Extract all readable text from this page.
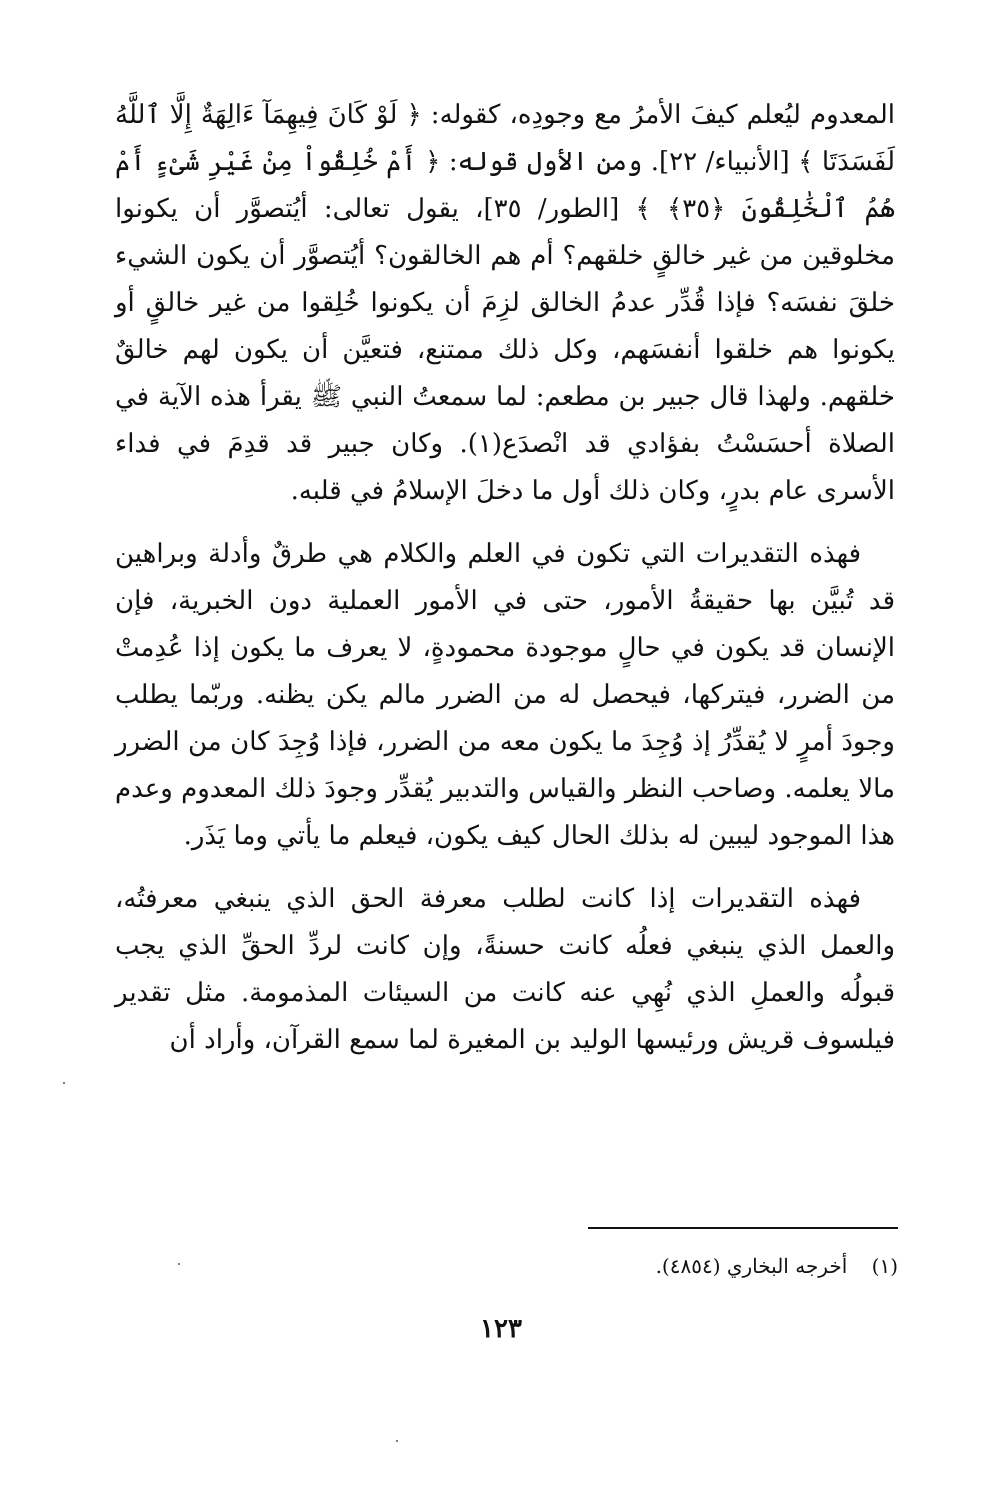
المعدوم ليُعلم كيفَ الأمرُ مع وجودِه، كقوله: ﴿ لَوْ كَانَ فِيهِمَآ ءَالِهَةٌ إِلَّا ٱللَّهُ لَفَسَدَتَا ﴾ [الأنبياء/ ٢٢]. ومن الأول قوله: ﴿ أَمْ خُلِقُواْ مِنْ غَيْرِ شَىْءٍ أَمْ هُمُ ٱلْخَٰلِقُونَ ﴿٣٥﴾ ﴾ [الطور/ ٣٥]، يقول تعالى: أيُتصوَّر أن يكونوا مخلوقين من غير خالقٍ خلقهم؟ أم هم الخالقون؟ أيُتصوَّر أن يكون الشيء خلقَ نفسَه؟ فإذا قُدِّر عدمُ الخالق لزِمَ أن يكونوا خُلِقوا من غير خالقٍ أو يكونوا هم خلقوا أنفسَهم، وكل ذلك ممتنع، فتعيَّن أن يكون لهم خالقٌ خلقهم. ولهذا قال جبير بن مطعم: لما سمعتُ النبي ﷺ يقرأ هذه الآية في الصلاة أحسَسْتُ بفؤادي قد انْصدَع(١). وكان جبير قد قدِمَ في فداء الأسرى عام بدرٍ، وكان ذلك أول ما دخلَ الإسلامُ في قلبه.

فهذه التقديرات التي تكون في العلم والكلام هي طرقٌ وأدلة وبراهين قد تُبيَّن بها حقيقةُ الأمور، حتى في الأمور العملية دون الخبرية، فإن الإنسان قد يكون في حالٍ موجودة محمودةٍ، لا يعرف ما يكون إذا عُدِمتْ من الضرر، فيتركها، فيحصل له من الضرر مالم يكن يظنه. وربّما يطلب وجودَ أمرٍ لا يُقدِّرُ إذ وُجِدَ ما يكون معه من الضرر، فإذا وُجِدَ كان من الضرر مالا يعلمه. وصاحب النظر والقياس والتدبير يُقدِّر وجودَ ذلك المعدوم وعدم هذا الموجود ليبين له بذلك الحال كيف يكون، فيعلم ما يأتي وما يَذَر.

فهذه التقديرات إذا كانت لطلب معرفة الحق الذي ينبغي معرفتُه، والعمل الذي ينبغي فعلُه كانت حسنةً، وإن كانت لردِّ الحقِّ الذي يجب قبولُه والعملِ الذي نُهِي عنه كانت من السيئات المذمومة. مثل تقدير فيلسوف قريش ورئيسها الوليد بن المغيرة لما سمع القرآن، وأراد أن

(١) أخرجه البخاري (٤٨٥٤).
١٢٣
